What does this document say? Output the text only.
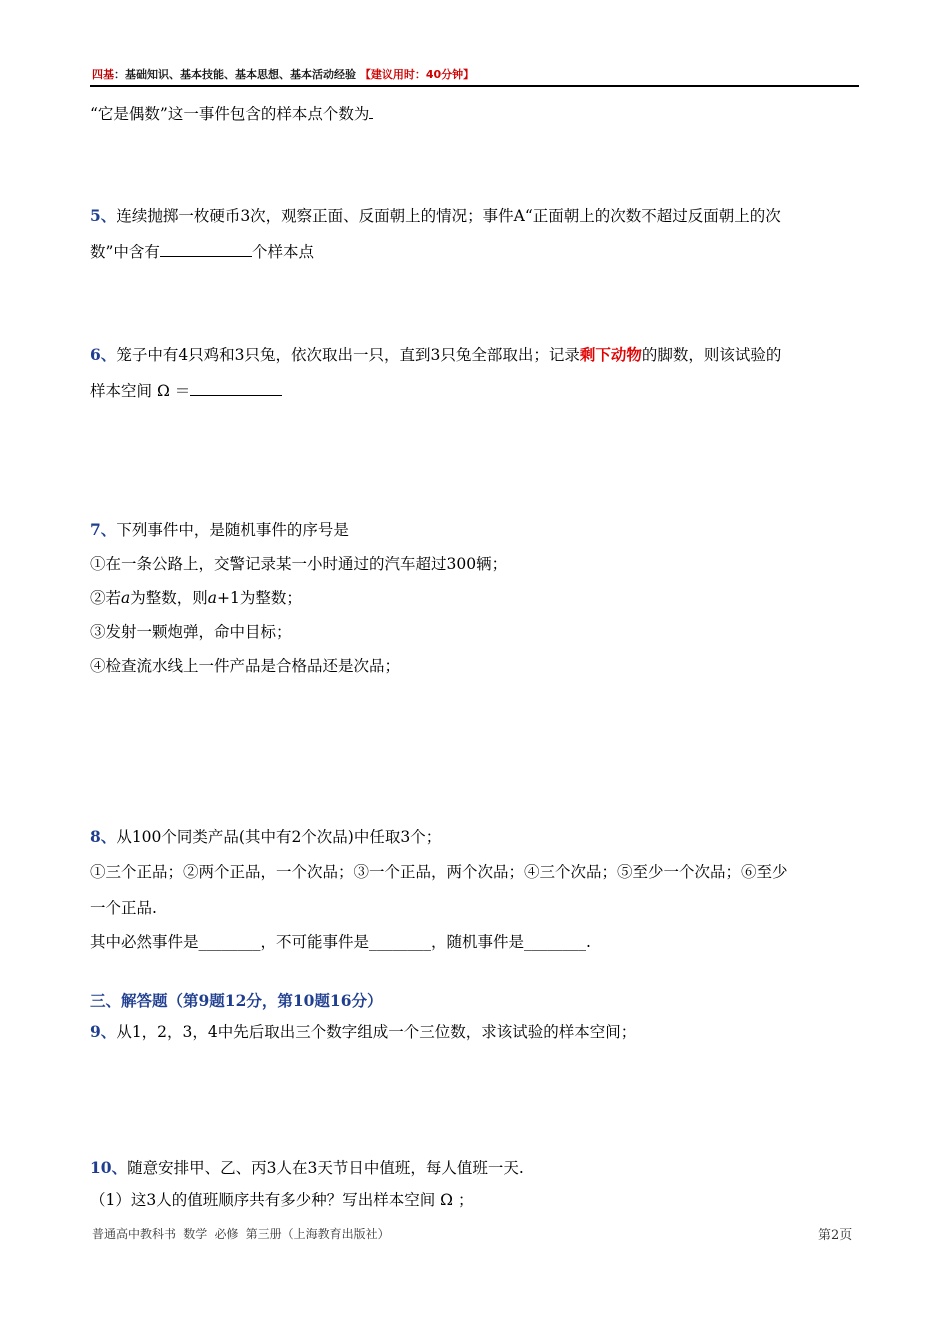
四基：基础知识、基本技能、基本思想、基本活动经验 【建议用时：40分钟】
“它是偶数”这一事件包含的样本点个数为
5、连续抛掷一枚硬币3次，观察正面、反面朝上的情况；事件A“正面朝上的次数不超过反面朝上的次
数”中含有	个样本点
6、笼子中有4只鸡和3只兔，依次取出一只，直到3只兔全部取出；记录剩下动物的脚数，则该试验的
样本空间 Ω ＝
7、下列事件中，是随机事件的序号是
①在一条公路上，交警记录某一小时通过的汽车超过300辆；
②若a为整数，则a+1为整数；
③发射一颗炮弹，命中目标；
④检查流水线上一件产品是合格品还是次品；
8、从100个同类产品(其中有2个次品)中任取3个；
①三个正品；②两个正品，一个次品；③一个正品，两个次品；④三个次品；⑤至少一个次品；⑥至少
一个正品.
其中必然事件是________，不可能事件是________，随机事件是________.
三、解答题（第9题12分，第10题16分）
9、从1，2，3，4中先后取出三个数字组成一个三位数，求该试验的样本空间；
10、随意安排甲、乙、丙3人在3天节日中值班，每人值班一天.
（1）这3人的值班顺序共有多少种？写出样本空间 Ω ；
普通高中教科书 数学 必修 第三册（上海教育出版社）	第2页
